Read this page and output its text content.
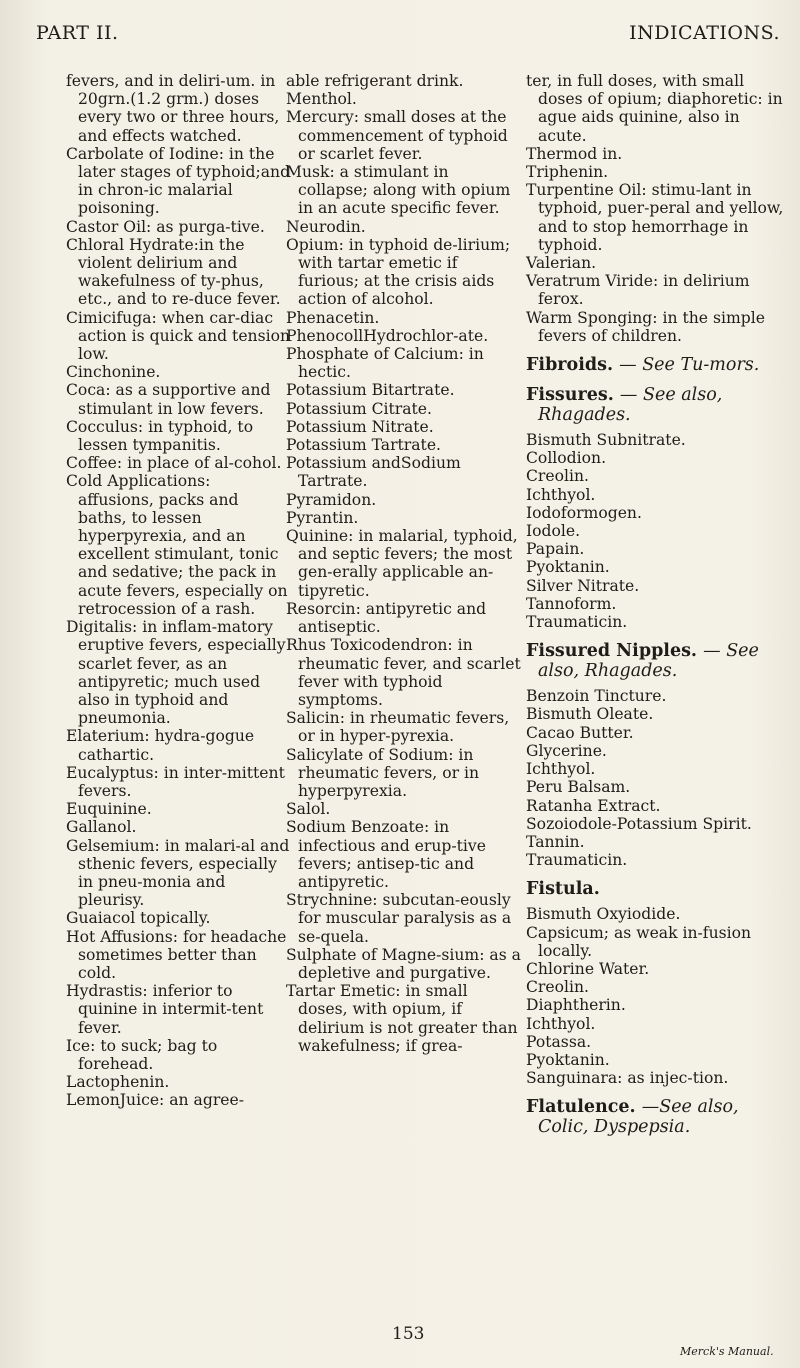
PART II.	INDICATIONS.

fevers, and in deliri-um. in 20grn.(1.2 grm.) doses every two or three hours, and effects watched.

Carbolate of Iodine: in the later stages of typhoid;and in chron-ic malarial poisoning.

Castor Oil: as purga-tive.

Chloral Hydrate:in the violent delirium and wakefulness of ty-phus, etc., and to re-duce fever.

Cimicifuga: when car-diac action is quick and tension low.

Cinchonine.

Coca: as a supportive and stimulant in low fevers.

Cocculus: in typhoid, to lessen tympanitis.

Coffee: in place of al-cohol.

Cold Applications: affusions, packs and baths, to lessen hyperpyrexia, and an excellent stimulant, tonic and sedative; the pack in acute fevers, especially on retrocession of a rash.

Digitalis: in inflam-matory eruptive fevers, especially scarlet fever, as an antipyretic; much used also in typhoid and pneumonia.

Elaterium: hydra-gogue cathartic.

Eucalyptus: in inter-mittent fevers.

Euquinine.

Gallanol.

Gelsemium: in malari-al and sthenic fevers, especially in pneu-monia and pleurisy.

Guaiacol topically.

Hot Affusions: for headache sometimes better than cold.

Hydrastis: inferior to quinine in intermit-tent fever.

Ice: to suck; bag to forehead.

Lactophenin.

LemonJuice: an agree-

able refrigerant drink.

Menthol.

Mercury: small doses at the commencement of typhoid or scarlet fever.

Musk: a stimulant in collapse; along with opium in an acute specific fever.

Neurodin.

Opium: in typhoid de-lirium; with tartar emetic if furious; at the crisis aids action of alcohol.

Phenacetin.

PhenocollHydrochlor-ate.

Phosphate of Calcium: in hectic.

Potassium Bitartrate.

Potassium Citrate.

Potassium Nitrate.

Potassium Tartrate.

Potassium andSodium Tartrate.

Pyramidon.

Pyrantin.

Quinine: in malarial, typhoid, and septic fevers; the most gen-erally applicable an-tipyretic.

Resorcin: antipyretic and antiseptic.

Rhus Toxicodendron: in rheumatic fever, and scarlet fever with typhoid symptoms.

Salicin: in rheumatic fevers, or in hyper-pyrexia.

Salicylate of Sodium: in rheumatic fevers, or in hyperpyrexia.

Salol.

Sodium Benzoate: in infectious and erup-tive fevers; antisep-tic and antipyretic.

Strychnine: subcutan-eously for muscular paralysis as a se-quela.

Sulphate of Magne-sium: as a depletive and purgative.

Tartar Emetic: in small doses, with opium, if delirium is not greater than wakefulness; if grea-

ter, in full doses, with small doses of opium; diaphoretic: in ague aids quinine, also in acute.

Thermod in.

Triphenin.

Turpentine Oil: stimu-lant in typhoid, puer-peral and yellow, and to stop hemorrhage in typhoid.

Valerian.

Veratrum Viride: in delirium ferox.

Warm Sponging: in the simple fevers of children.

Fibroids. — See Tu-mors.

Fissures. — See also, Rhagades.

Bismuth Subnitrate.

Collodion.

Creolin.

Ichthyol.

Iodoformogen.

Iodole.

Papain.

Pyoktanin.

Silver Nitrate.

Tannoform.

Traumaticin.

Fissured Nipples. — See also, Rhagades.

Benzoin Tincture.

Bismuth Oleate.

Cacao Butter.

Glycerine.

Ichthyol.

Peru Balsam.

Ratanha Extract.

Sozoiodole-Potassium Spirit.

Tannin.

Traumaticin.

Fistula.

Bismuth Oxyiodide.

Capsicum; as weak in-fusion locally.

Chlorine Water.

Creolin.

Diaphtherin.

Ichthyol.

Potassa.

Pyoktanin.

Sanguinara: as injec-tion.

Flatulence. —See also, Colic, Dyspepsia.

153
Merck's Manual.
